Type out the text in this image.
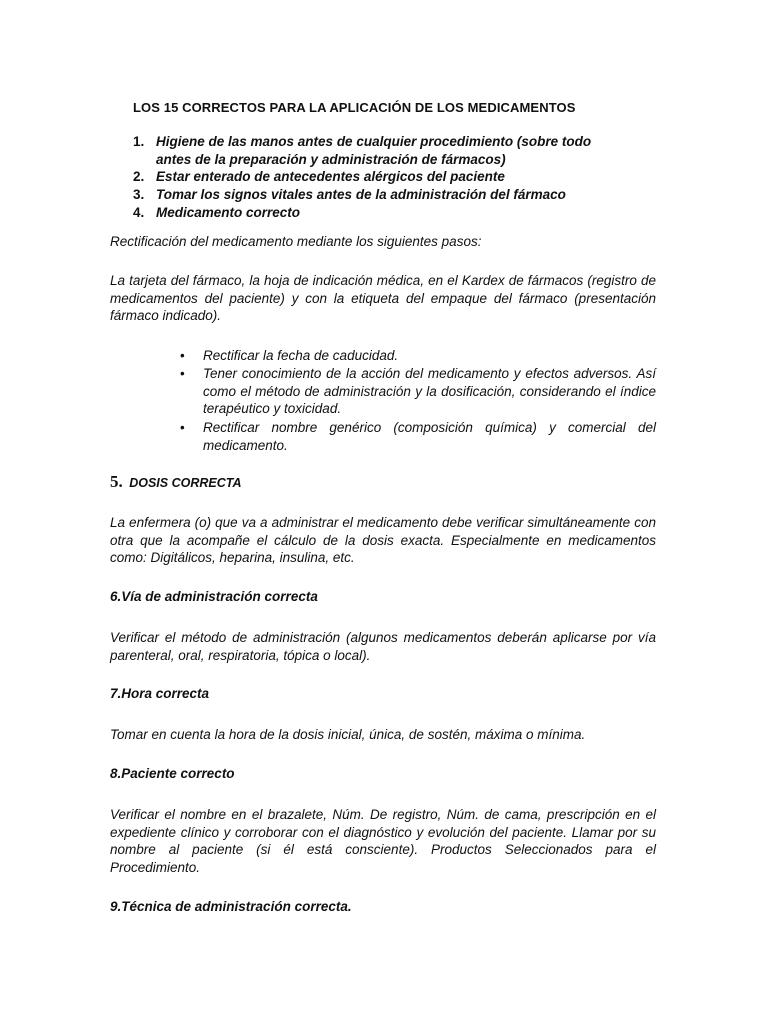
LOS 15 CORRECTOS PARA LA APLICACIÓN DE LOS MEDICAMENTOS

1. Higiene de las manos antes de cualquier procedimiento (sobre todo antes de la preparación y administración de fármacos)
2. Estar enterado de antecedentes alérgicos del paciente
3. Tomar los signos vitales antes de la administración del fármaco
4. Medicamento correcto

Rectificación del medicamento mediante los siguientes pasos:

La tarjeta del fármaco, la hoja de indicación médica, en el Kardex de fármacos (registro de medicamentos del paciente) y con la etiqueta del empaque del fármaco (presentación fármaco indicado).

• Rectificar la fecha de caducidad.
• Tener conocimiento de la acción del medicamento y efectos adversos. Así como el método de administración y la dosificación, considerando el índice terapéutico y toxicidad.
• Rectificar nombre genérico (composición química) y comercial del medicamento.

5. DOSIS CORRECTA

La enfermera (o) que va a administrar el medicamento debe verificar simultáneamente con otra que la acompañe el cálculo de la dosis exacta. Especialmente en medicamentos como: Digitálicos, heparina, insulina, etc.

6.Vía de administración correcta

Verificar el método de administración (algunos medicamentos deberán aplicarse por vía parenteral, oral, respiratoria, tópica o local).

7.Hora correcta

Tomar en cuenta la hora de la dosis inicial, única, de sostén, máxima o mínima.

8.Paciente correcto

Verificar el nombre en el brazalete, Núm. De registro, Núm. de cama, prescripción en el expediente clínico y corroborar con el diagnóstico y evolución del paciente. Llamar por su nombre al paciente (si él está consciente). Productos Seleccionados para el Procedimiento.

9.Técnica de administración correcta.
